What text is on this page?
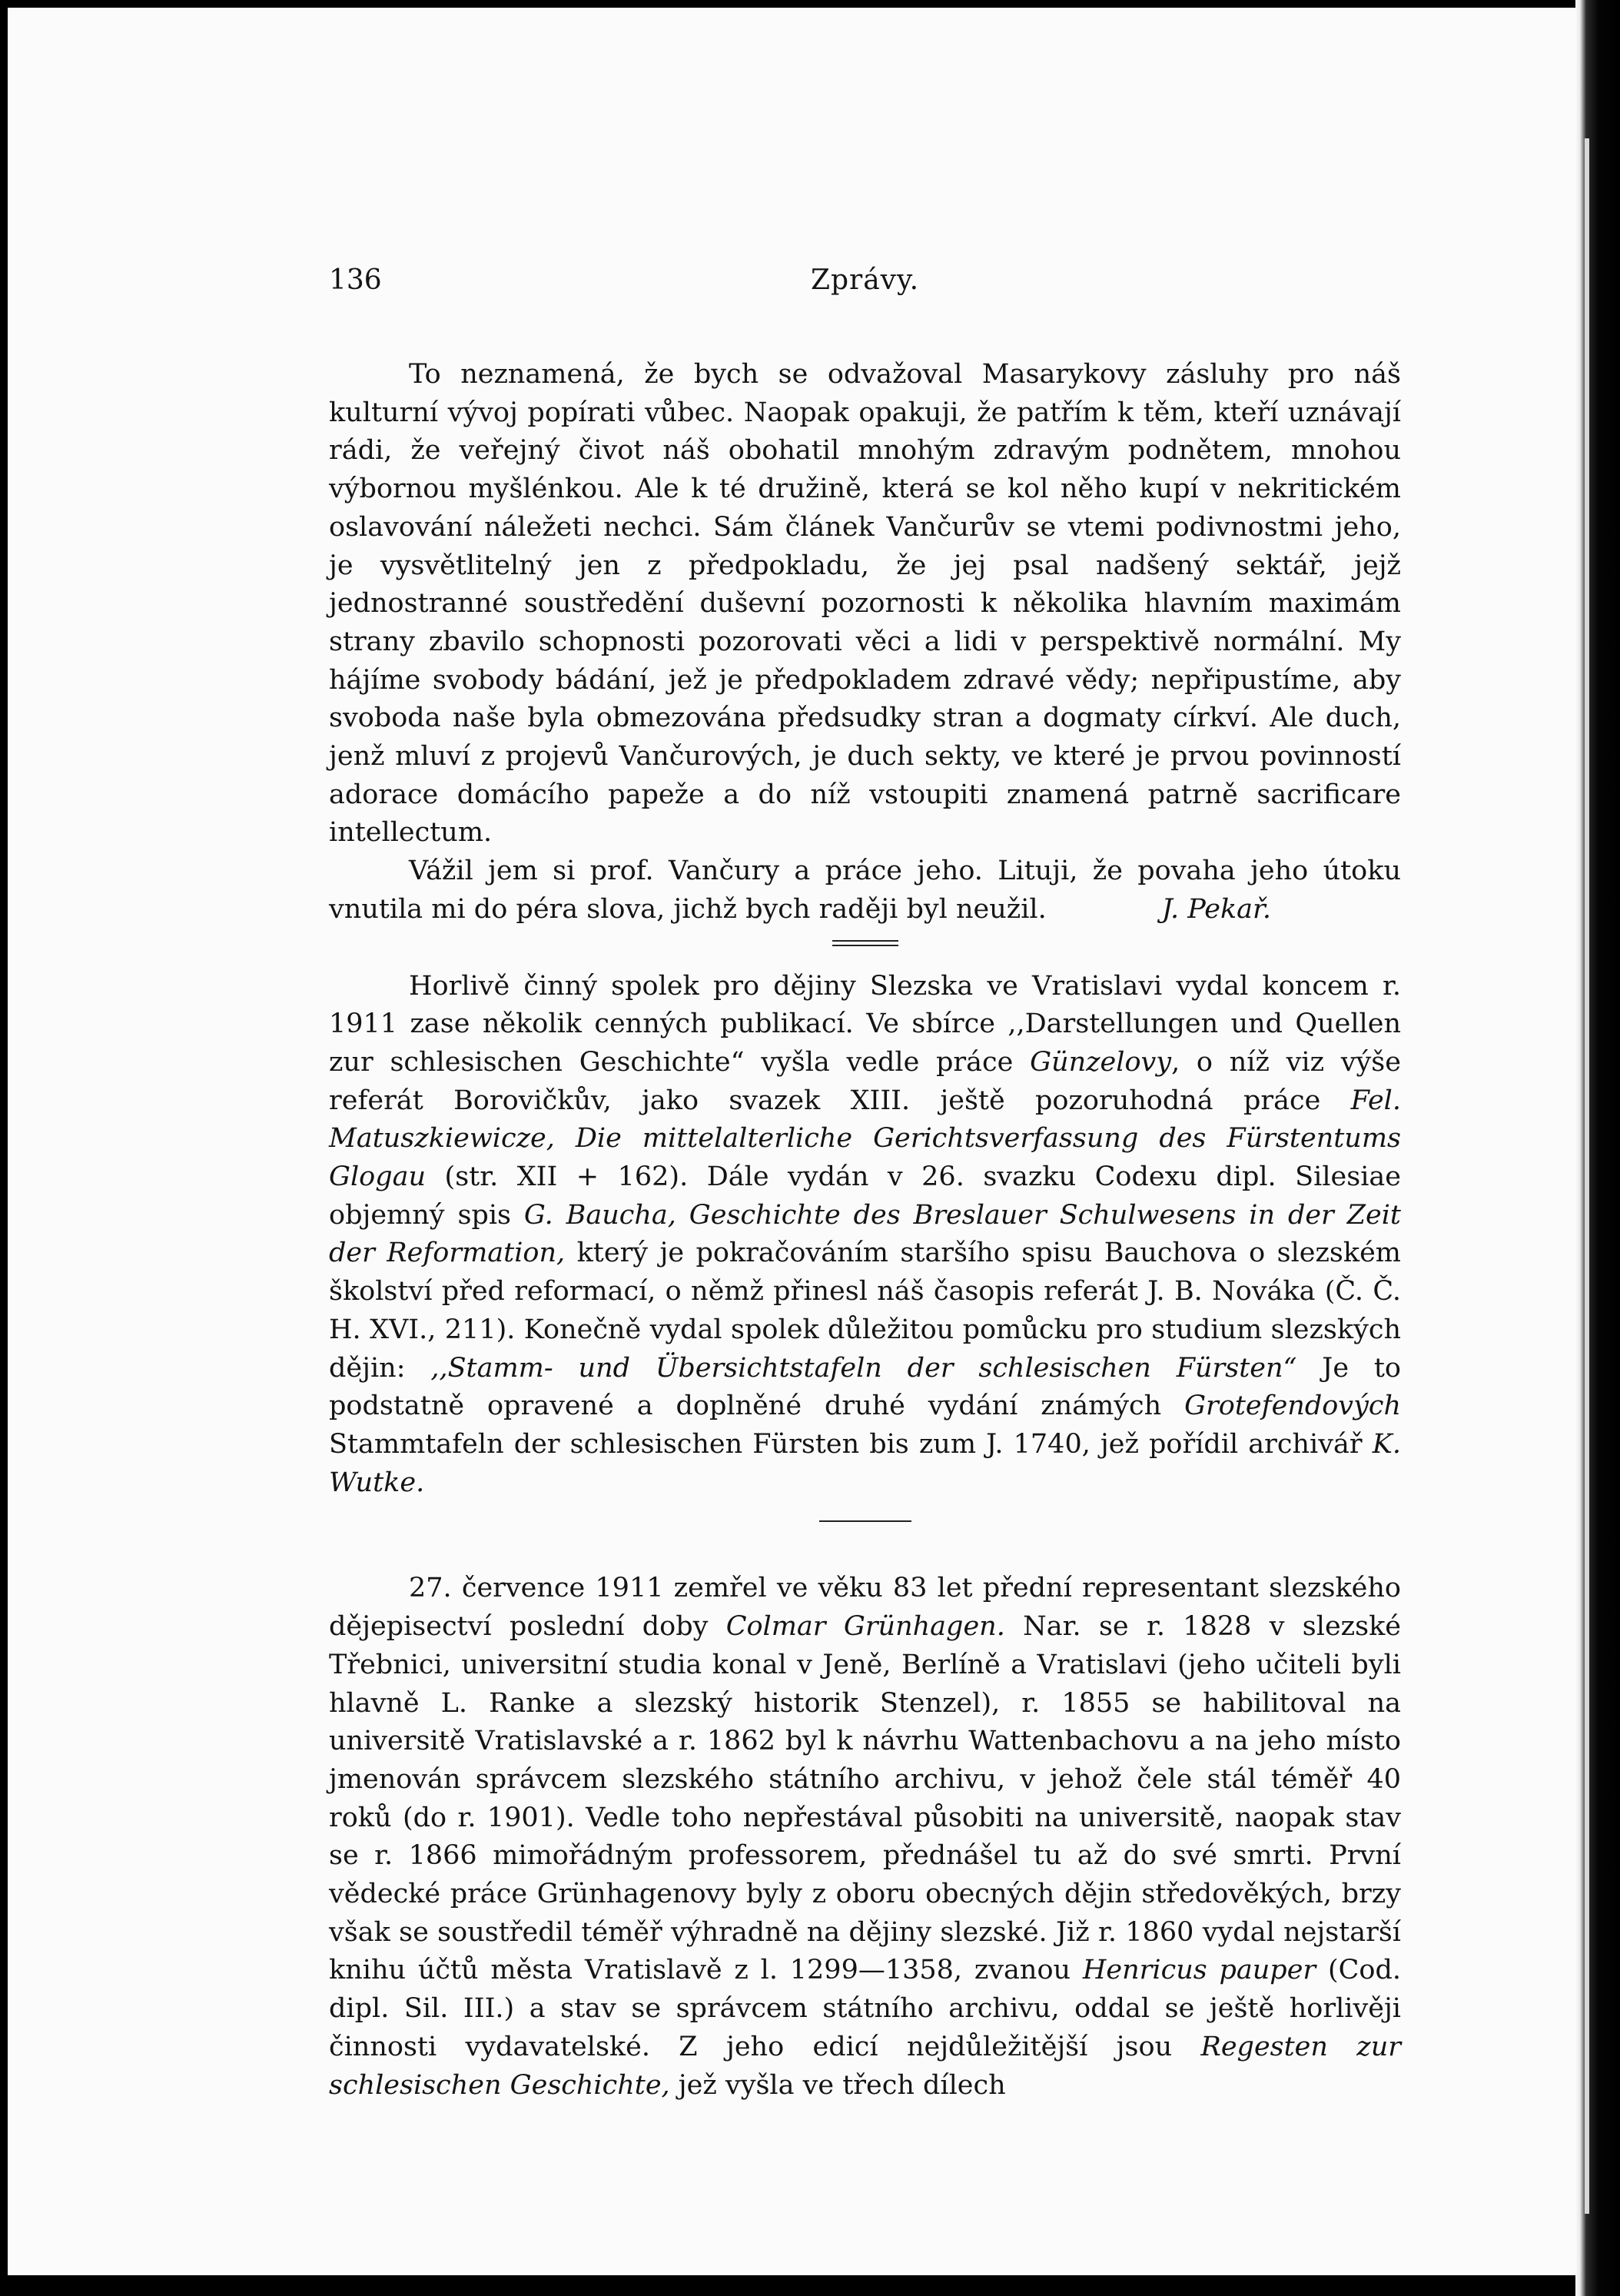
136	Zprávy.

To neznamená, že bych se odvažoval Masarykovy zásluhy pro náš kulturní vývoj popírati vůbec. Naopak opakuji, že patřím k těm, kteří uznávají rádi, že veřejný čivot náš obohatil mnohým zdravým podnětem, mnohou výbornou myšlénkou. Ale k té družině, která se kol něho kupí v nekritickém oslavování náležeti nechci. Sám článek Vančurův se vtemi podivnostmi jeho, je vysvětlitelný jen z předpokladu, že jej psal nadšený sektář, jejž jednostranné soustředění duševní pozornosti k několika hlavním maximám strany zbavilo schopnosti pozorovati věci a lidi v perspektivě normální. My hájíme svobody bádání, jež je předpokladem zdravé vědy; nepřipustíme, aby svoboda naše byla obmezována předsudky stran a dogmaty církví. Ale duch, jenž mluví z projevů Vančurových, je duch sekty, ve které je prvou povinností adorace domácího papeže a do níž vstoupiti znamená patrně sacrificare intellectum.

Vážil jem si prof. Vančury a práce jeho. Lituji, že povaha jeho útoku vnutila mi do péra slova, jichž bych raději byl neužil.	J. Pekař.

Horlivě činný spolek pro dějiny Slezska ve Vratislavi vydal koncem r. 1911 zase několik cenných publikací. Ve sbírce ,,Darstellungen und Quellen zur schlesischen Geschichte“ vyšla vedle práce Günzelovy, o níž viz výše referát Borovičkův, jako svazek XIII. ještě pozoruhodná práce Fel. Matuszkiewicze, Die mittelalterliche Gerichtsverfassung des Fürstentums Glogau (str. XII + 162). Dále vydán v 26. svazku Codexu dipl. Silesiae objemný spis G. Baucha, Geschichte des Breslauer Schulwesens in der Zeit der Reformation, který je pokračováním staršího spisu Bauchova o slezském školství před reformací, o němž přinesl náš časopis referát J. B. Nováka (Č. Č. H. XVI., 211). Konečně vydal spolek důležitou pomůcku pro studium slezských dějin: ,,Stamm- und Übersichtstafeln der schlesischen Fürsten“ Je to podstatně opravené a doplněné druhé vydání známých Grotefendových Stammtafeln der schlesischen Fürsten bis zum J. 1740, jež pořídil archivář K. Wutke.

27. července 1911 zemřel ve věku 83 let přední representant slezského dějepisectví poslední doby Colmar Grünhagen. Nar. se r. 1828 v slezské Třebnici, universitní studia konal v Jeně, Berlíně a Vratislavi (jeho učiteli byli hlavně L. Ranke a slezský historik Stenzel), r. 1855 se habilitoval na universitě Vratislavské a r. 1862 byl k návrhu Wattenbachovu a na jeho místo jmenován správcem slezského státního archivu, v jehož čele stál téměř 40 roků (do r. 1901). Vedle toho nepřestával působiti na universitě, naopak stav se r. 1866 mimořádným professorem, přednášel tu až do své smrti. První vědecké práce Grünhagenovy byly z oboru obecných dějin středověkých, brzy však se soustředil téměř výhradně na dějiny slezské. Již r. 1860 vydal nejstarší knihu účtů města Vratislavě z l. 1299—1358, zvanou Henricus pauper (Cod. dipl. Sil. III.) a stav se správcem státního archivu, oddal se ještě horlivěji činnosti vydavatelské. Z jeho edicí nejdůležitější jsou Regesten zur schlesischen Geschichte, jež vyšla ve třech dílech
